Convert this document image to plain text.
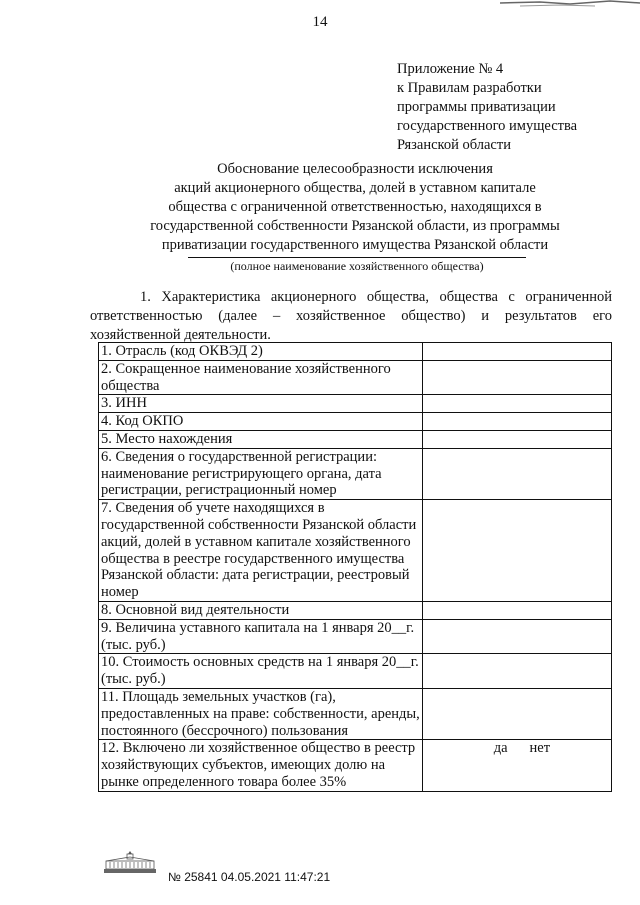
14
Приложение № 4
к Правилам разработки
программы приватизации
государственного имущества
Рязанской области
Обоснование целесообразности исключения
акций акционерного общества, долей в уставном капитале
общества с ограниченной ответственностью, находящихся в
государственной собственности Рязанской области, из программы
приватизации государственного имущества Рязанской области
(полное наименование хозяйственного общества)
1. Характеристика акционерного общества, общества с ограниченной
ответственностью (далее – хозяйственное общество) и результатов его
хозяйственной деятельности.
1. Отрасль (код ОКВЭД 2)	
2. Сокращенное наименование хозяйственного общества	
3. ИНН	
4. Код ОКПО	
5. Место нахождения	
6. Сведения о государственной регистрации: наименование регистрирующего органа, дата регистрации, регистрационный номер	
7. Сведения об учете находящихся в государственной собственности Рязанской области акций, долей в уставном капитале хозяйственного общества в реестре государственного имущества Рязанской области: дата регистрации, реестровый номер	
8. Основной вид деятельности	
9. Величина уставного капитала на 1 января 20__г. (тыс. руб.)	
10. Стоимость основных средств на 1 января 20__г. (тыс. руб.)	
11. Площадь земельных участков (га), предоставленных на праве: собственности, аренды, постоянного (бессрочного) пользования	
12. Включено ли хозяйственное общество в реестр хозяйствующих субъектов, имеющих долю на рынке определенного товара более 35%	да нет
№ 25841 04.05.2021 11:47:21
